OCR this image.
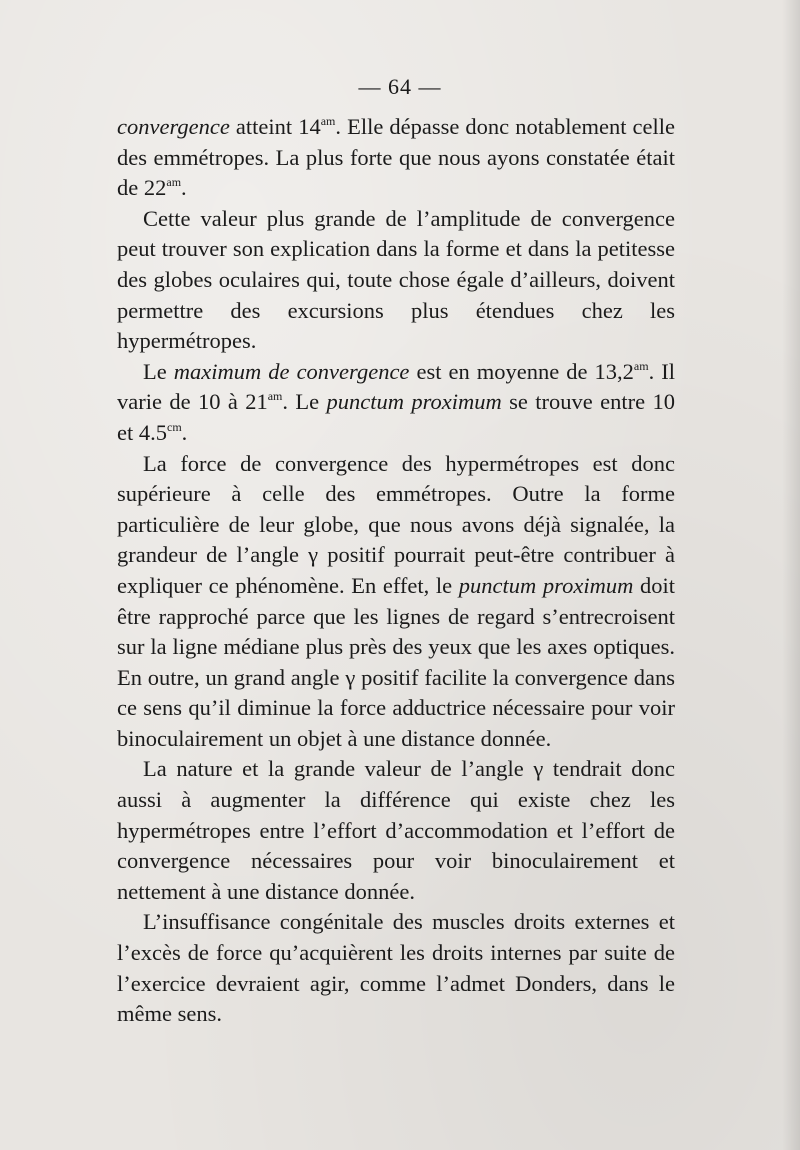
— 64 —

convergence atteint $14^{am}$. Elle dépasse donc notablement celle des emmétropes. La plus forte que nous ayons constatée était de $22^{am}$.

Cette valeur plus grande de l’amplitude de convergence peut trouver son explication dans la forme et dans la petitesse des globes oculaires qui, toute chose égale d’ailleurs, doivent permettre des excursions plus étendues chez les hypermétropes.

Le maximum de convergence est en moyenne de $13,2^{am}$. Il varie de 10 à $21^{am}$. Le punctum proximum se trouve entre 10 et $4.5^{cm}$.

La force de convergence des hypermétropes est donc supérieure à celle des emmétropes. Outre la forme particulière de leur globe, que nous avons déjà signalée, la grandeur de l’angle γ positif pourrait peut-être contribuer à expliquer ce phénomène. En effet, le punctum proximum doit être rapproché parce que les lignes de regard s’entrecroisent sur la ligne médiane plus près des yeux que les axes optiques. En outre, un grand angle γ positif facilite la convergence dans ce sens qu’il diminue la force adductrice nécessaire pour voir binoculairement un objet à une distance donnée.

La nature et la grande valeur de l’angle γ tendrait donc aussi à augmenter la différence qui existe chez les hypermétropes entre l’effort d’accommodation et l’effort de convergence nécessaires pour voir binoculairement et nettement à une distance donnée.

L’insuffisance congénitale des muscles droits externes et l’excès de force qu’acquièrent les droits internes par suite de l’exercice devraient agir, comme l’admet Donders, dans le même sens.
